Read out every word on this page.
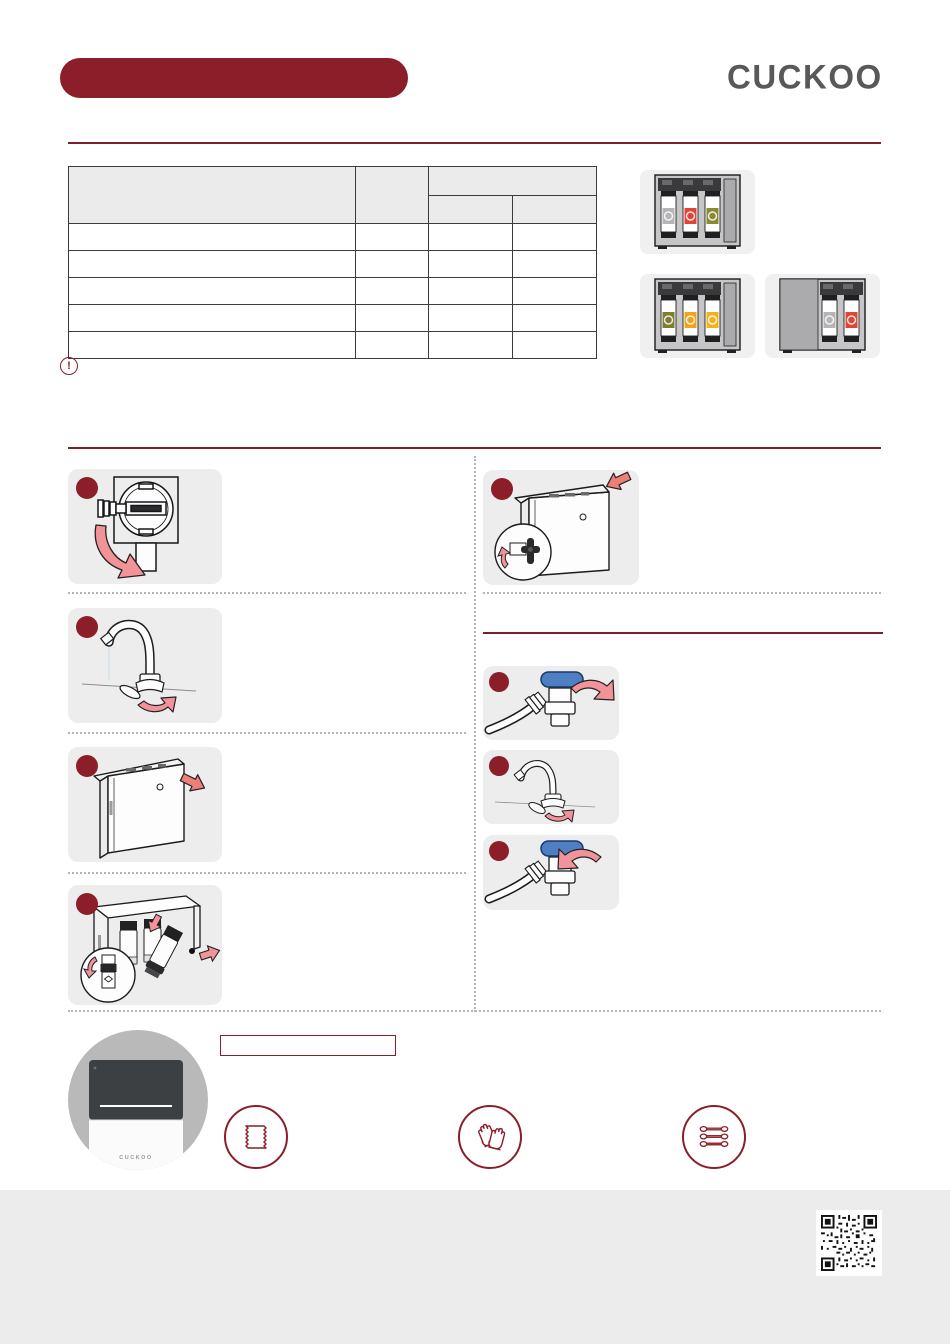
CUCKOO

!
CUCKOO
